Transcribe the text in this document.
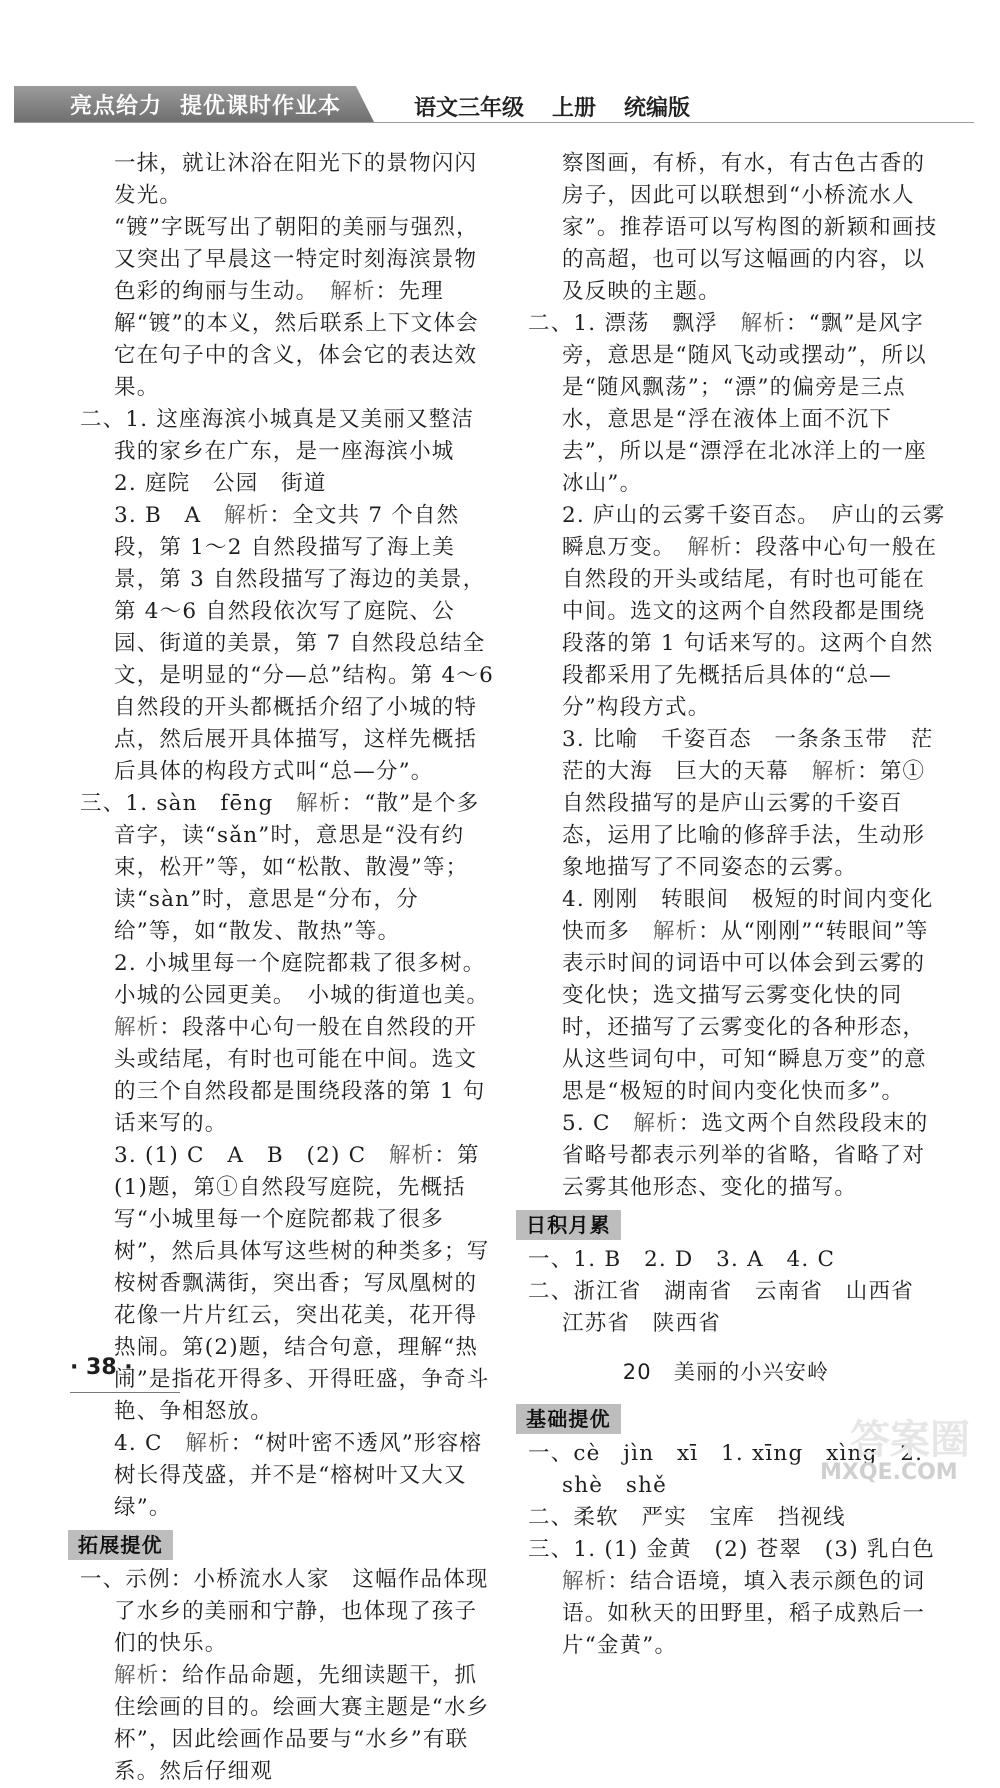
亮点给力 提优课时作业本	语文三年级 上册 统编版

一抹，就让沐浴在阳光下的景物闪闪发光。

“镀”字既写出了朝阳的美丽与强烈，又突出了早晨这一特定时刻海滨景物色彩的绚丽与生动。　 解析：先理解“镀”的本义，然后联系上下文体会它在句子中的含义，体会它的表达效果。

二、1. 这座海滨小城真是又美丽又整洁　我的家乡在广东，是一座海滨小城

2. 庭院　公园　街道

3. B　A　解析：全文共 7 个自然段，第 1～2 自然段描写了海上美景，第 3 自然段描写了海边的美景，第 4～6 自然段依次写了庭院、公园、街道的美景，第 7 自然段总结全文，是明显的“分—总”结构。第 4～6 自然段的开头都概括介绍了小城的特点，然后展开具体描写，这样先概括后具体的构段方式叫“总—分”。

三、1. sàn　fēng　解析：“散”是个多音字，读“sǎn”时，意思是“没有约束，松开”等，如“松散、散漫”等；读“sàn”时，意思是“分布，分给”等，如“散发、散热”等。

2. 小城里每一个庭院都栽了很多树。　小城的公园更美。　小城的街道也美。　解析：段落中心句一般在自然段的开头或结尾，有时也可能在中间。选文的三个自然段都是围绕段落的第 1 句话来写的。

3. (1) C　A　B　(2) C　解析：第(1)题，第①自然段写庭院，先概括写“小城里每一个庭院都栽了很多树”，然后具体写这些树的种类多；写桉树香飘满街，突出香；写凤凰树的花像一片片红云，突出花美，花开得热闹。第(2)题，结合句意，理解“热闹”是指花开得多、开得旺盛，争奇斗艳、争相怒放。

4. C　解析：“树叶密不透风”形容榕树长得茂盛，并不是“榕树叶又大又绿”。

拓展提优

一、示例：小桥流水人家　这幅作品体现了水乡的美丽和宁静，也体现了孩子们的快乐。

解析：给作品命题，先细读题干，抓住绘画的目的。绘画大赛主题是“水乡杯”，因此绘画作品要与“水乡”有联系。然后仔细观

察图画，有桥，有水，有古色古香的房子，因此可以联想到“小桥流水人家”。推荐语可以写构图的新颖和画技的高超，也可以写这幅画的内容，以及反映的主题。

二、1. 漂荡　飘浮　解析：“飘”是风字旁，意思是“随风飞动或摆动”，所以是“随风飘荡”；“漂”的偏旁是三点水，意思是“浮在液体上面不沉下去”，所以是“漂浮在北冰洋上的一座冰山”。

2. 庐山的云雾千姿百态。　庐山的云雾瞬息万变。　解析：段落中心句一般在自然段的开头或结尾，有时也可能在中间。选文的这两个自然段都是围绕段落的第 1 句话来写的。这两个自然段都采用了先概括后具体的“总—分”构段方式。

3. 比喻　千姿百态　一条条玉带　茫茫的大海　巨大的天幕　解析：第①自然段描写的是庐山云雾的千姿百态，运用了比喻的修辞手法，生动形象地描写了不同姿态的云雾。

4. 刚刚　转眼间　极短的时间内变化快而多　解析：从“刚刚”“转眼间”等表示时间的词语中可以体会到云雾的变化快；选文描写云雾变化快的同时，还描写了云雾变化的各种形态，从这些词句中，可知“瞬息万变”的意思是“极短的时间内变化快而多”。

5. C　解析：选文两个自然段段末的省略号都表示列举的省略，省略了对云雾其他形态、变化的描写。

日积月累

一、1. B　2. D　3. A　4. C

二、浙江省　湖南省　云南省　山西省　江苏省　陕西省

20 美丽的小兴安岭
基础提优

一、cè　jìn　xī　1. xīng　xìng　2. shè　shě

二、柔软　严实　宝库　挡视线

三、1. (1) 金黄　(2) 苍翠　(3) 乳白色　解析：结合语境，填入表示颜色的词语。如秋天的田野里，稻子成熟后一片“金黄”。

· 38 ·
答案圈
MXQE.COM
